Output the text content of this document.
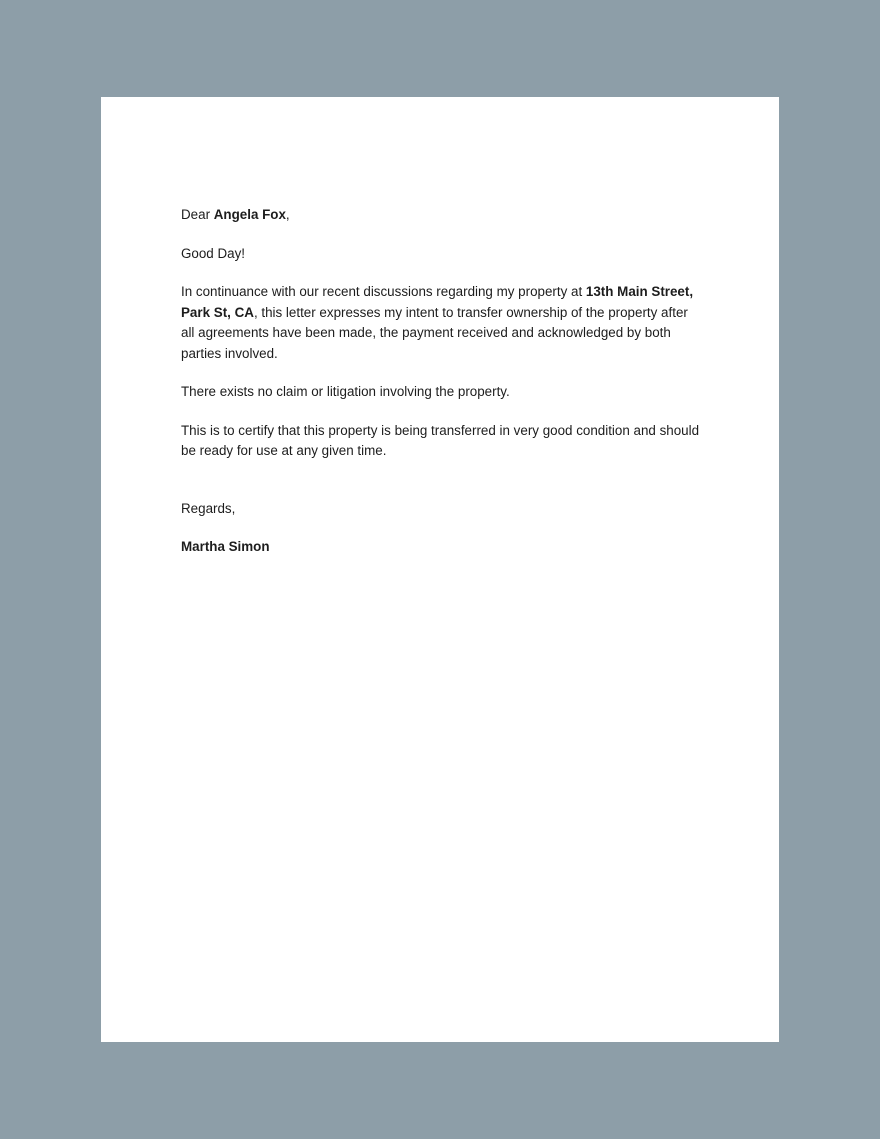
Dear Angela Fox,

Good Day!

In continuance with our recent discussions regarding my property at 13th Main Street, Park St, CA, this letter expresses my intent to transfer ownership of the property after all agreements have been made, the payment received and acknowledged by both parties involved.

There exists no claim or litigation involving the property.

This is to certify that this property is being transferred in very good condition and should be ready for use at any given time.

Regards,

Martha Simon
